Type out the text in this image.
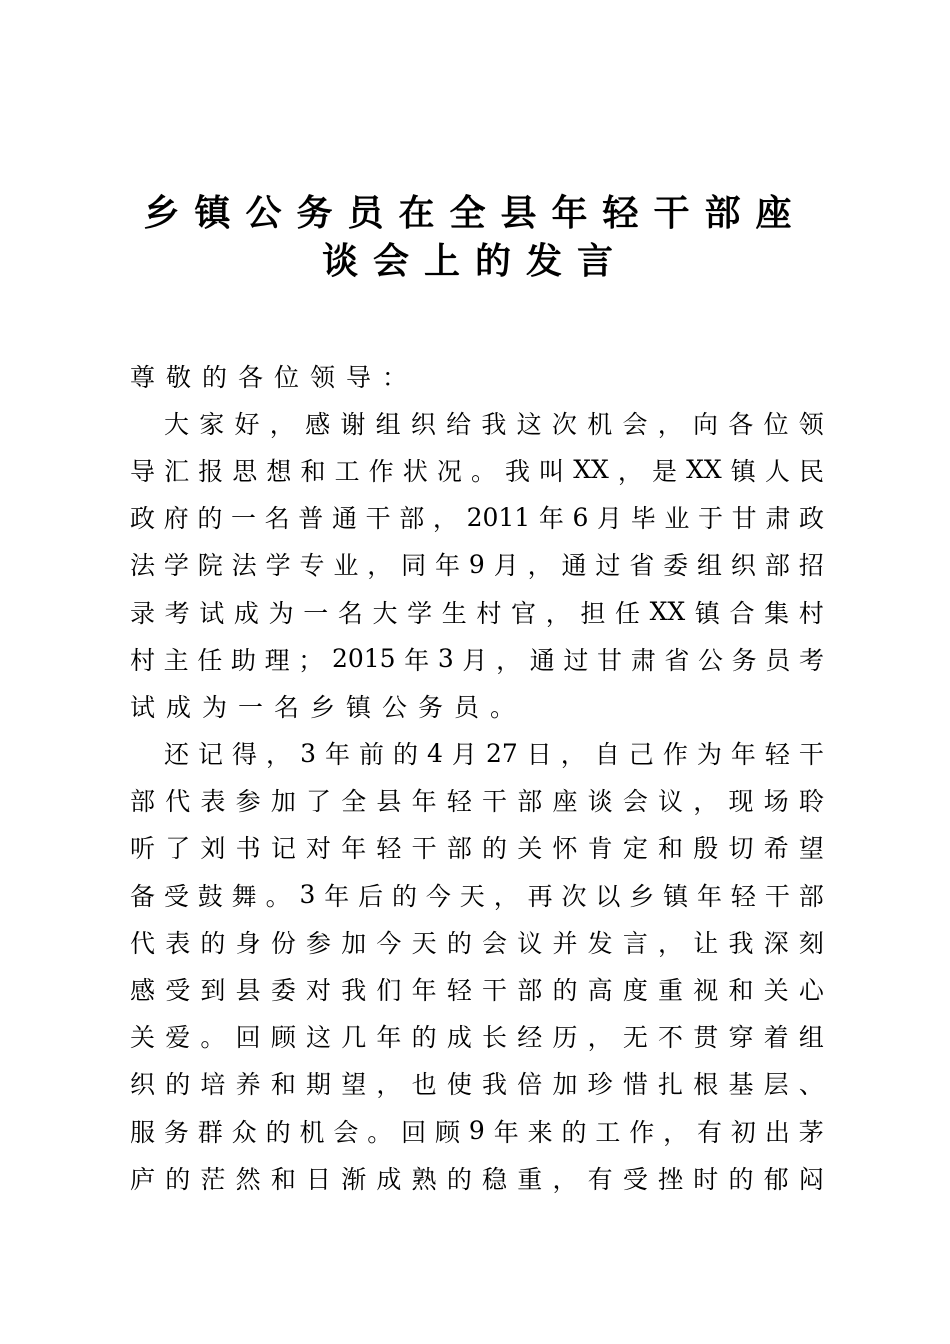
乡镇公务员在全县年轻干部座
谈会上的发言

尊敬的各位领导：

大 家 好 ， 感 谢 组 织 给 我 这 次 机 会 ， 向 各 位 领

导 汇 报 思 想 和 工 作 状 况 。 我 叫 XX ， 是 XX 镇 人 民

政 府 的 一 名 普 通 干 部 ， 2011 年 6 月 毕 业 于 甘 肃 政

法 学 院 法 学 专 业 ， 同 年 9 月 ， 通 过 省 委 组 织 部 招

录 考 试 成 为 一 名 大 学 生 村 官 ， 担 任 XX 镇 合 集 村

村 主 任 助 理 ； 2015 年 3 月 ， 通 过 甘 肃 省 公 务 员 考

试成为一名乡镇公务员。

还 记 得 ， 3 年 前 的 4 月 27 日 ， 自 己 作 为 年 轻 干

部 代 表 参 加 了 全 县 年 轻 干 部 座 谈 会 议 ， 现 场 聆

听 了 刘 书 记 对 年 轻 干 部 的 关 怀 肯 定 和 殷 切 希 望

备 受 鼓 舞 。 3 年 后 的 今 天 ， 再 次 以 乡 镇 年 轻 干 部

代 表 的 身 份 参 加 今 天 的 会 议 并 发 言 ， 让 我 深 刻

感 受 到 县 委 对 我 们 年 轻 干 部 的 高 度 重 视 和 关 心

关 爱 。 回 顾 这 几 年 的 成 长 经 历 ， 无 不 贯 穿 着 组

织 的 培 养 和 期 望 ， 也 使 我 倍 加 珍 惜 扎 根 基 层 、

服 务 群 众 的 机 会 。 回 顾 9 年 来 的 工 作 ， 有 初 出 茅

庐 的 茫 然 和 日 渐 成 熟 的 稳 重 ， 有 受 挫 时 的 郁 闷
